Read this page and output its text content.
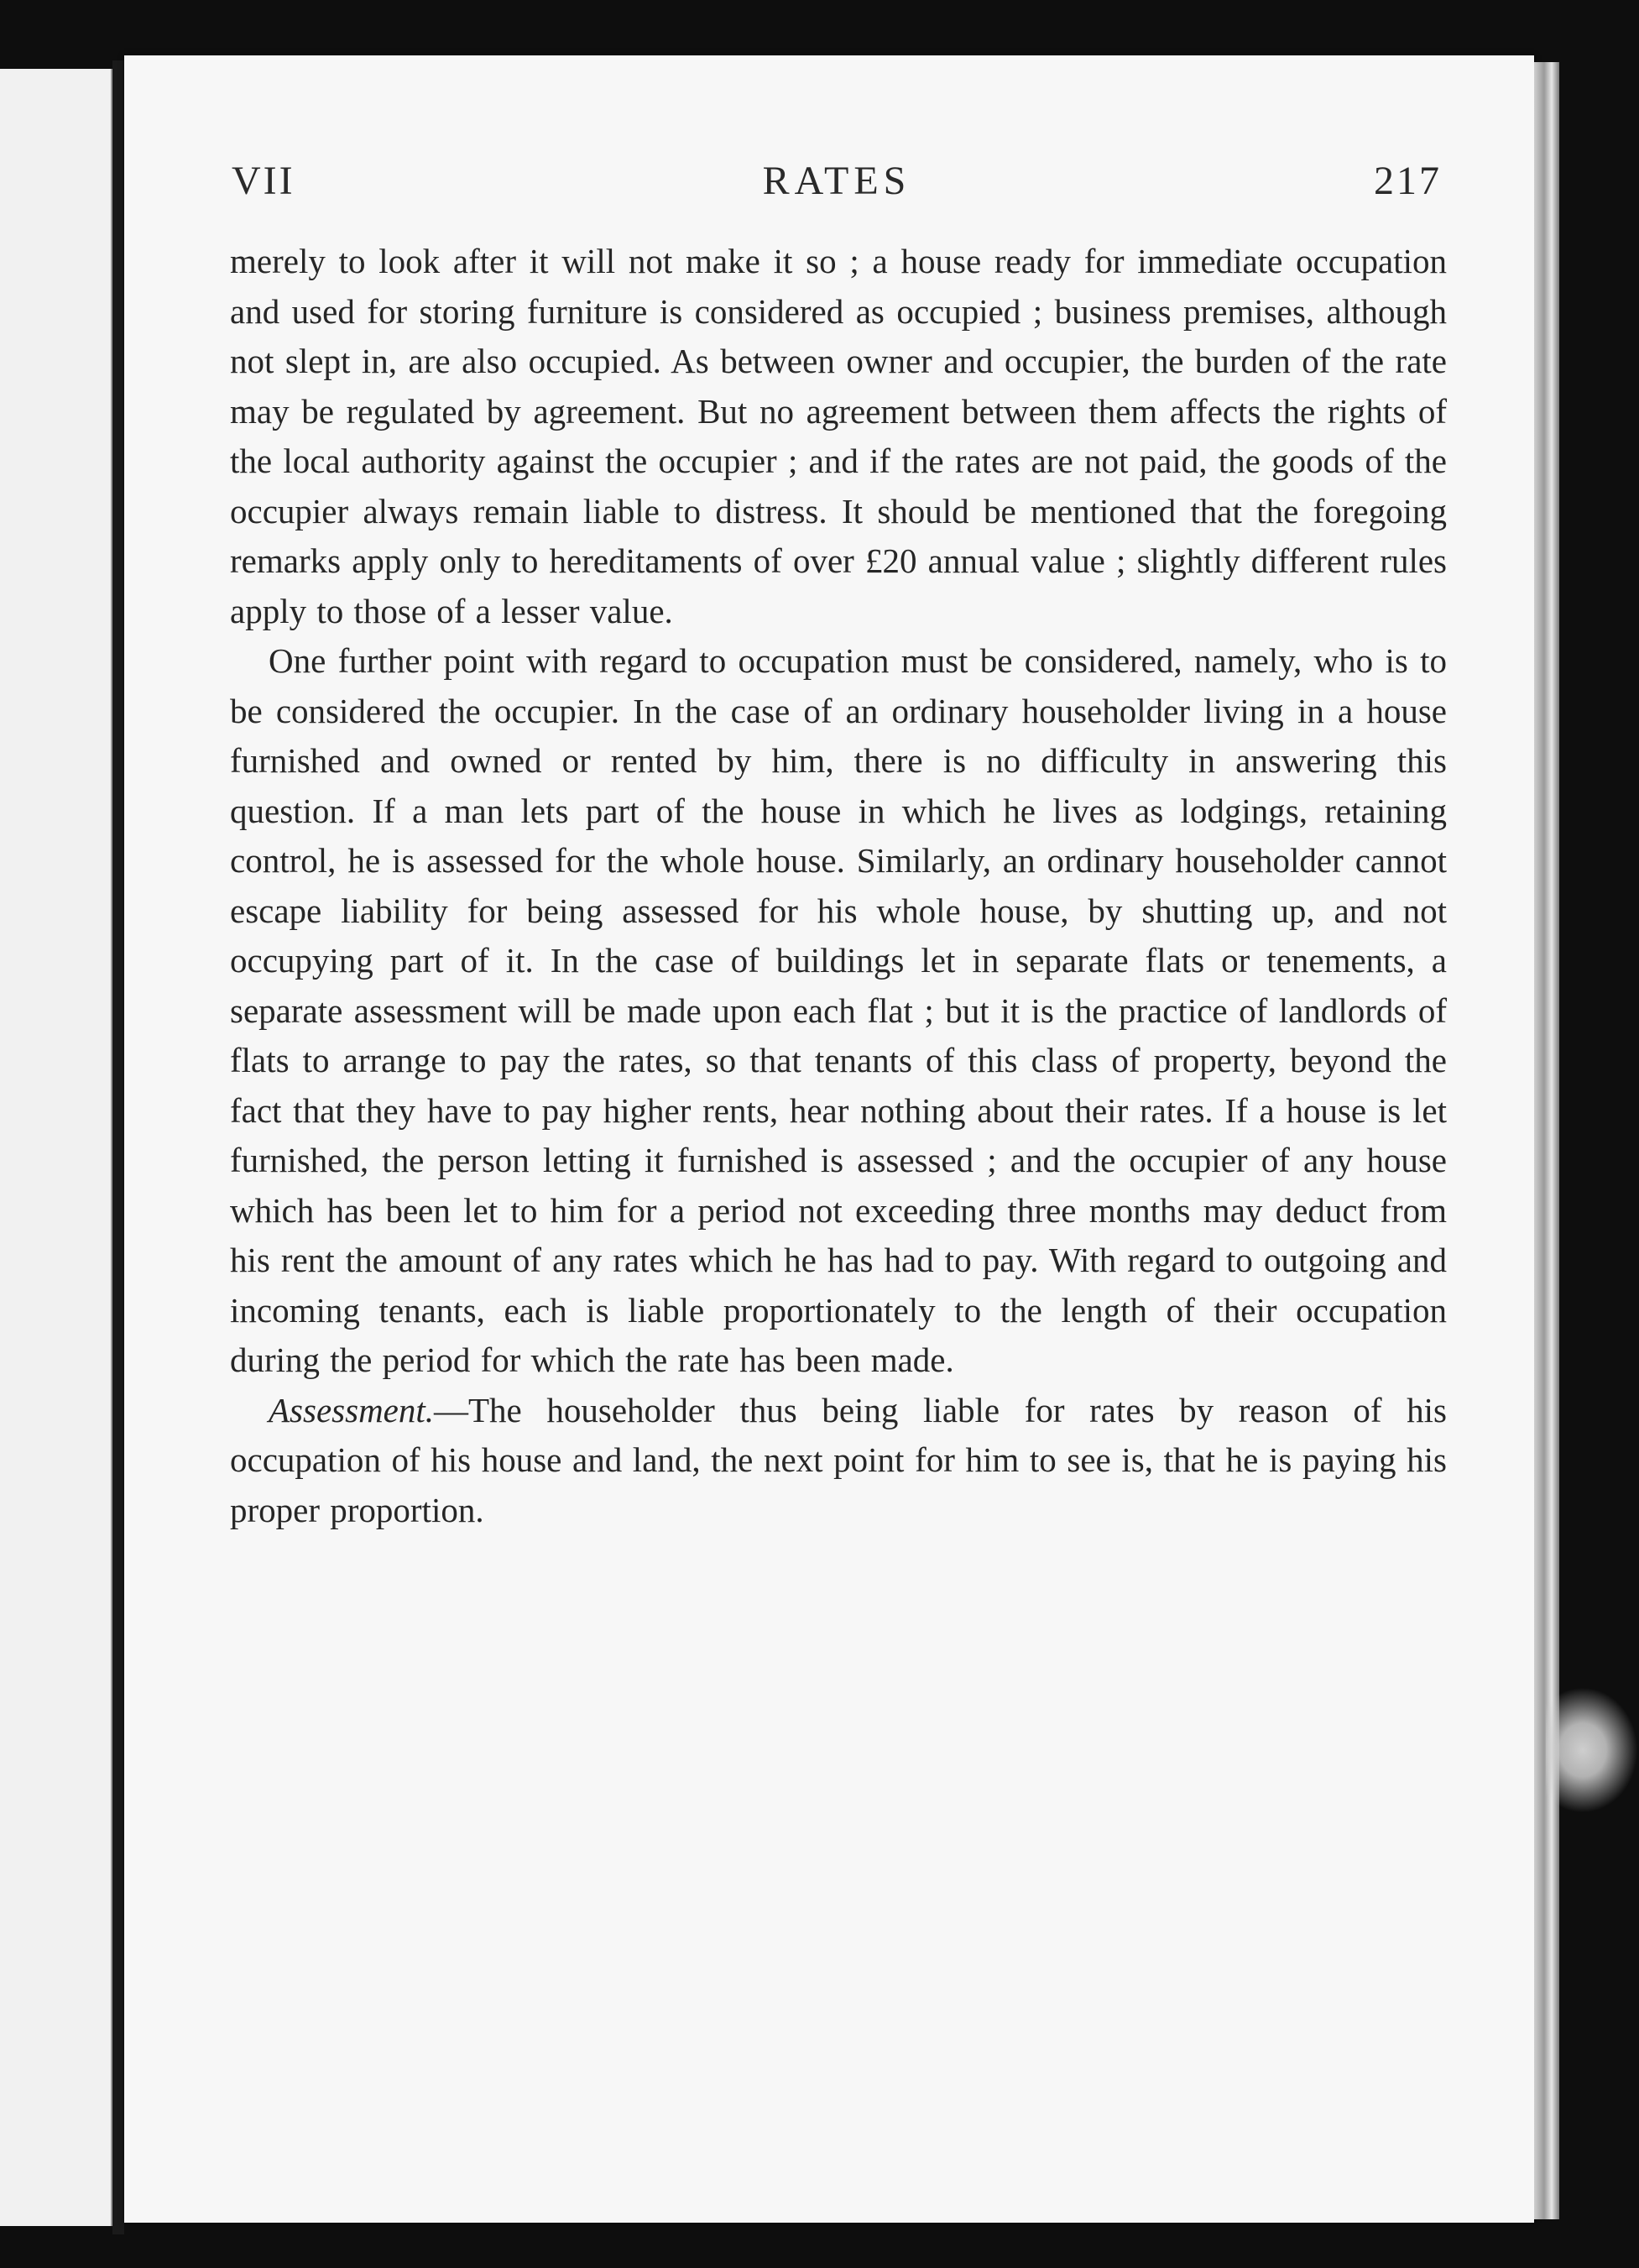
VII	RATES	217

merely to look after it will not make it so ; a house ready for immediate occupation and used for storing furniture is considered as occupied ; business premises, although not slept in, are also occupied. As between owner and occupier, the burden of the rate may be regulated by agreement. But no agreement between them affects the rights of the local authority against the occupier ; and if the rates are not paid, the goods of the occupier always remain liable to distress. It should be mentioned that the foregoing remarks apply only to hereditaments of over £20 annual value ; slightly different rules apply to those of a lesser value.

One further point with regard to occupation must be considered, namely, who is to be considered the occupier. In the case of an ordinary householder living in a house furnished and owned or rented by him, there is no difficulty in answering this question. If a man lets part of the house in which he lives as lodgings, retaining control, he is assessed for the whole house. Similarly, an ordinary householder cannot escape liability for being assessed for his whole house, by shutting up, and not occupying part of it. In the case of buildings let in separate flats or tenements, a separate assessment will be made upon each flat ; but it is the practice of landlords of flats to arrange to pay the rates, so that tenants of this class of property, beyond the fact that they have to pay higher rents, hear nothing about their rates. If a house is let furnished, the person letting it furnished is assessed ; and the occupier of any house which has been let to him for a period not exceeding three months may deduct from his rent the amount of any rates which he has had to pay. With regard to outgoing and incoming tenants, each is liable proportionately to the length of their occupation during the period for which the rate has been made.

Assessment.—The householder thus being liable for rates by reason of his occupation of his house and land, the next point for him to see is, that he is paying his proper proportion.
